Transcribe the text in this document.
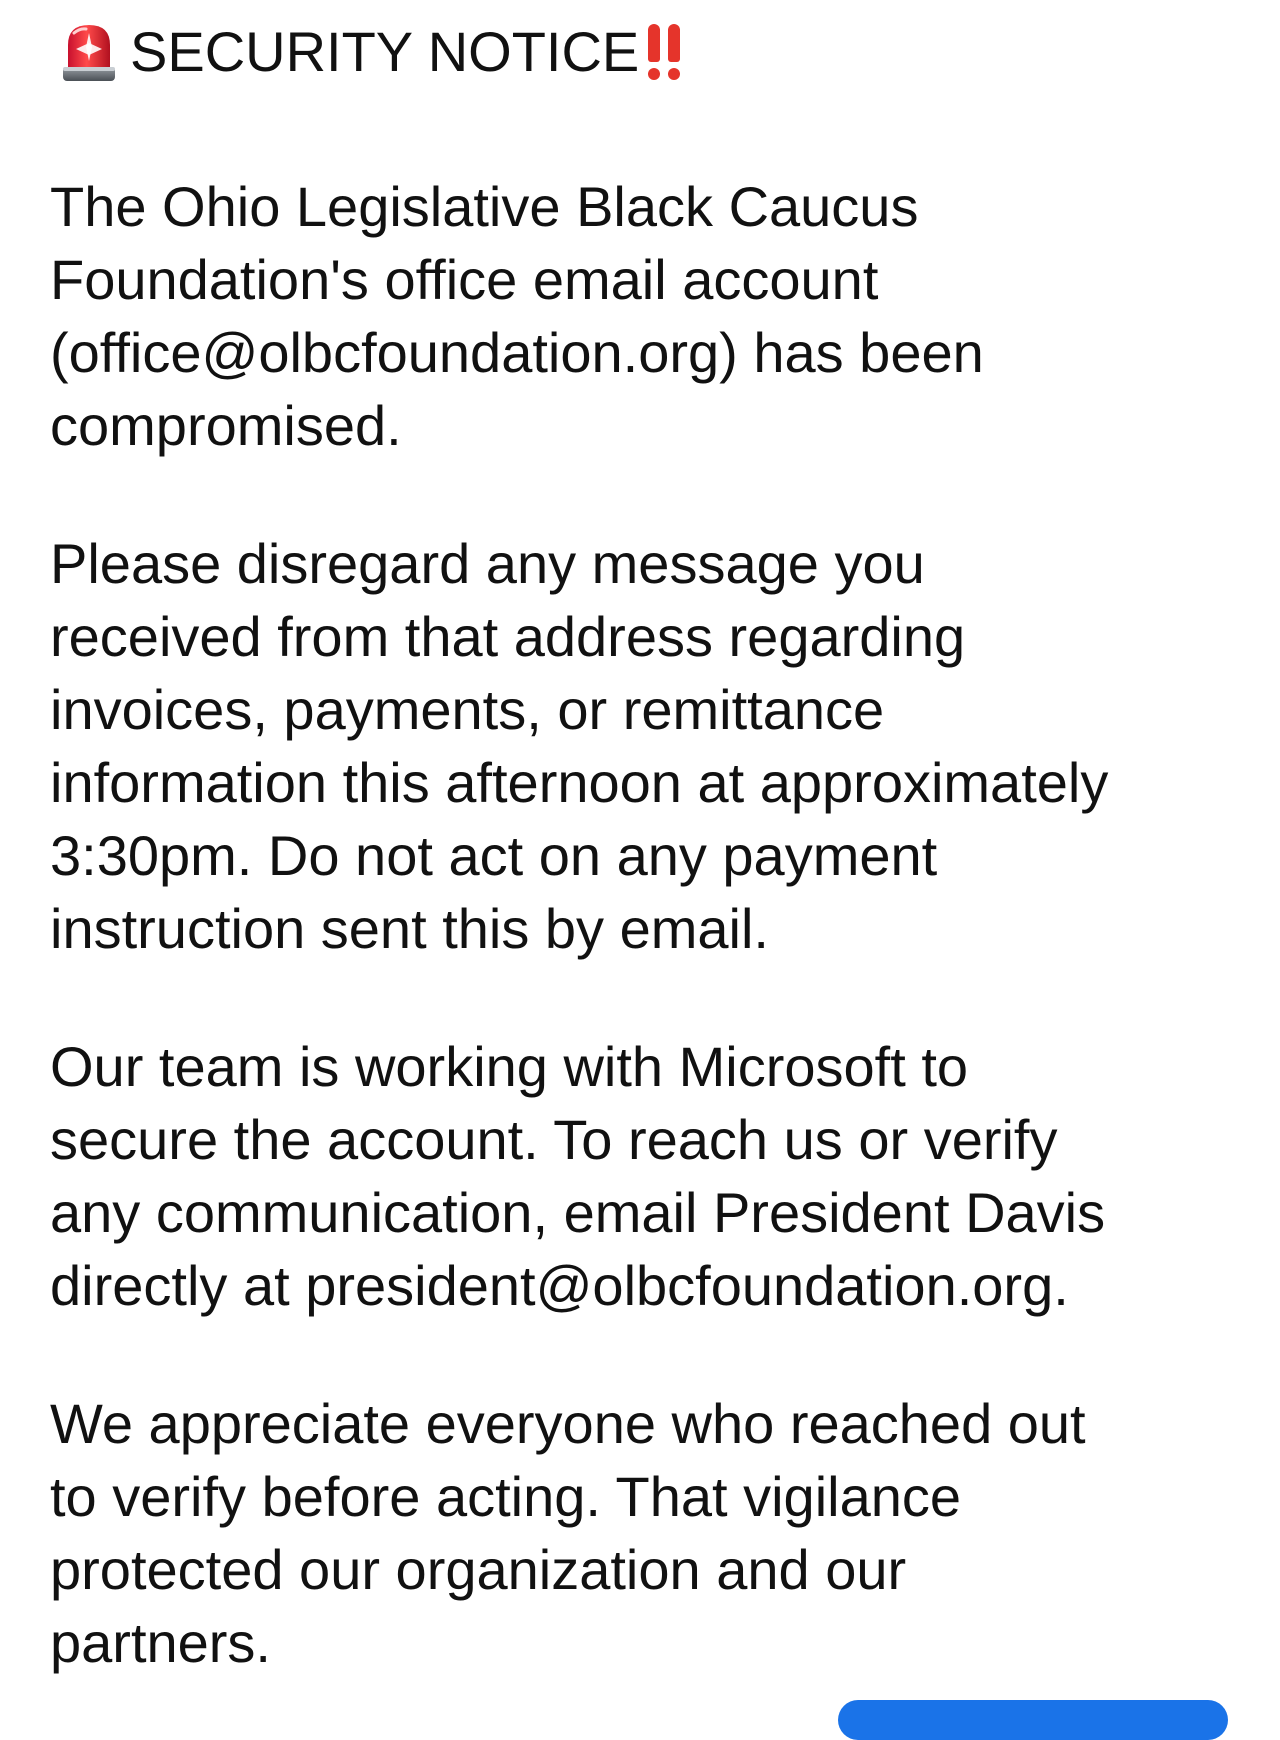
SECURITY NOTICE

The Ohio Legislative Black Caucus
Foundation's office email account
(office@olbcfoundation.org) has been
compromised.

Please disregard any message you
received from that address regarding
invoices, payments, or remittance
information this afternoon at approximately
3:30pm. Do not act on any payment
instruction sent this by email.

Our team is working with Microsoft to
secure the account. To reach us or verify
any communication, email President Davis
directly at president@olbcfoundation.org.

We appreciate everyone who reached out
to verify before acting. That vigilance
protected our organization and our
partners.
